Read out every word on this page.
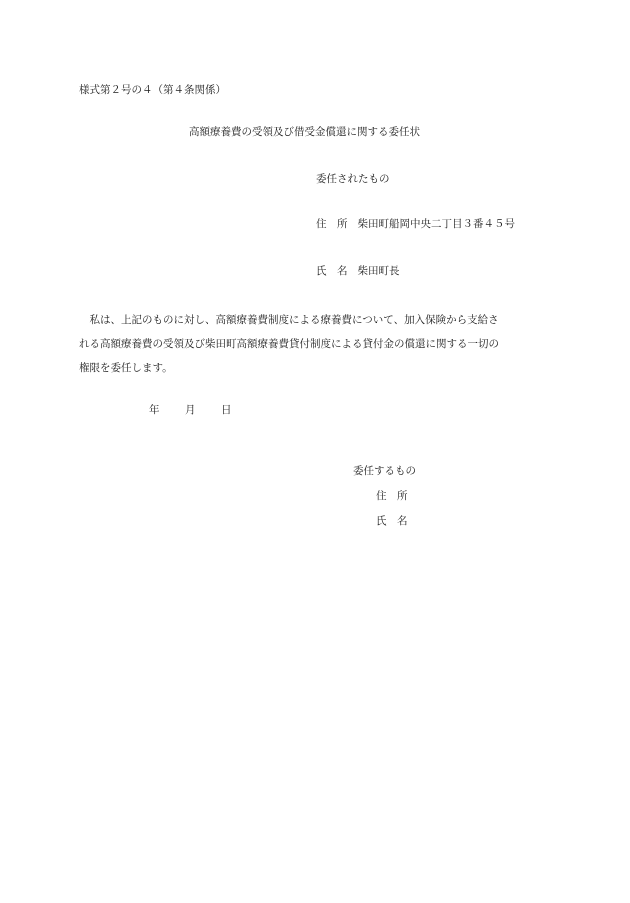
様式第２号の４（第４条関係）
高額療養費の受領及び借受金償還に関する委任状
委任されたもの
住　所 柴田町船岡中央二丁目３番４５号
氏　名 柴田町長
　私は、上記のものに対し、高額療養費制度による療養費について、加入保険から支給さ
れる高額療養費の受領及び柴田町高額療養費貸付制度による貸付金の償還に関する一切の
権限を委任します。
年 月 日
委任するもの
住　所
氏　名
